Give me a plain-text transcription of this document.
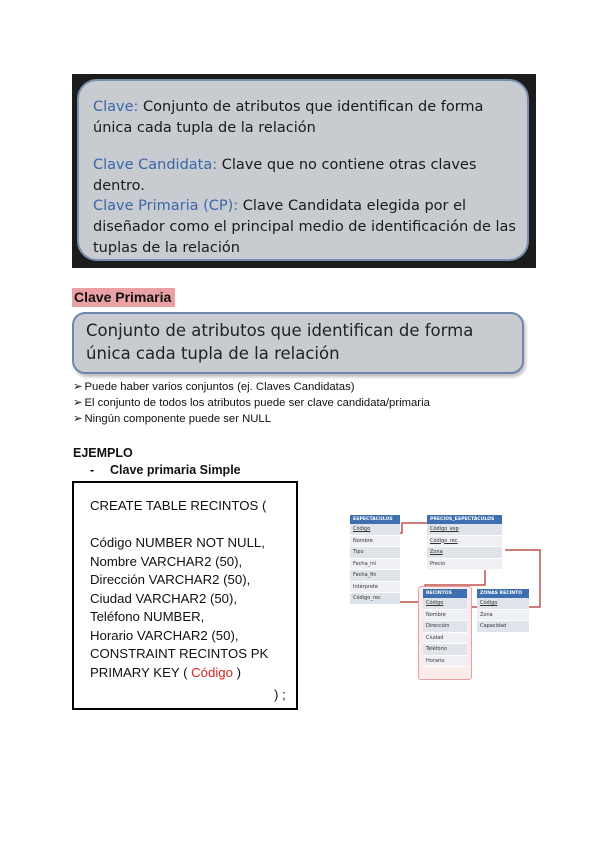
Clave: Conjunto de atributos que identifican de forma única cada tupla de la relación

Clave Candidata: Clave que no contiene otras claves dentro.

Clave Primaria (CP): Clave Candidata elegida por el diseñador como el principal medio de identificación de las tuplas de la relación

Clave Primaria
Conjunto de atributos que identifican de forma única cada tupla de la relación
➢ Puede haber varios conjuntos (ej. Claves Candidatas)
➢ El conjunto de todos los atributos puede ser clave candidata/primaria
➢ Ningún componente puede ser NULL
EJEMPLO
- Clave primaria Simple
CREATE TABLE RECINTOS (

Código NUMBER NOT NULL,
Nombre VARCHAR2 (50),
Dirección VARCHAR2 (50),
Ciudad VARCHAR2 (50),
Teléfono NUMBER,
Horario VARCHAR2 (50),
CONSTRAINT RECINTOS PK
PRIMARY KEY ( Código )
) ;
ESPECTACULOS
Código
Nombre
Tipo
Fecha_ini
Fecha_fin
Intérprete
Código_rec
PRECIOS_ESPECTÁCULOS
Código_esp
Código_rec
Zona
Precio
RECINTOS
Código
Nombre
Dirección
Ciudad
Teléfono
Horario
ZONAS RECINTO
Código
Zona
Capacidad
